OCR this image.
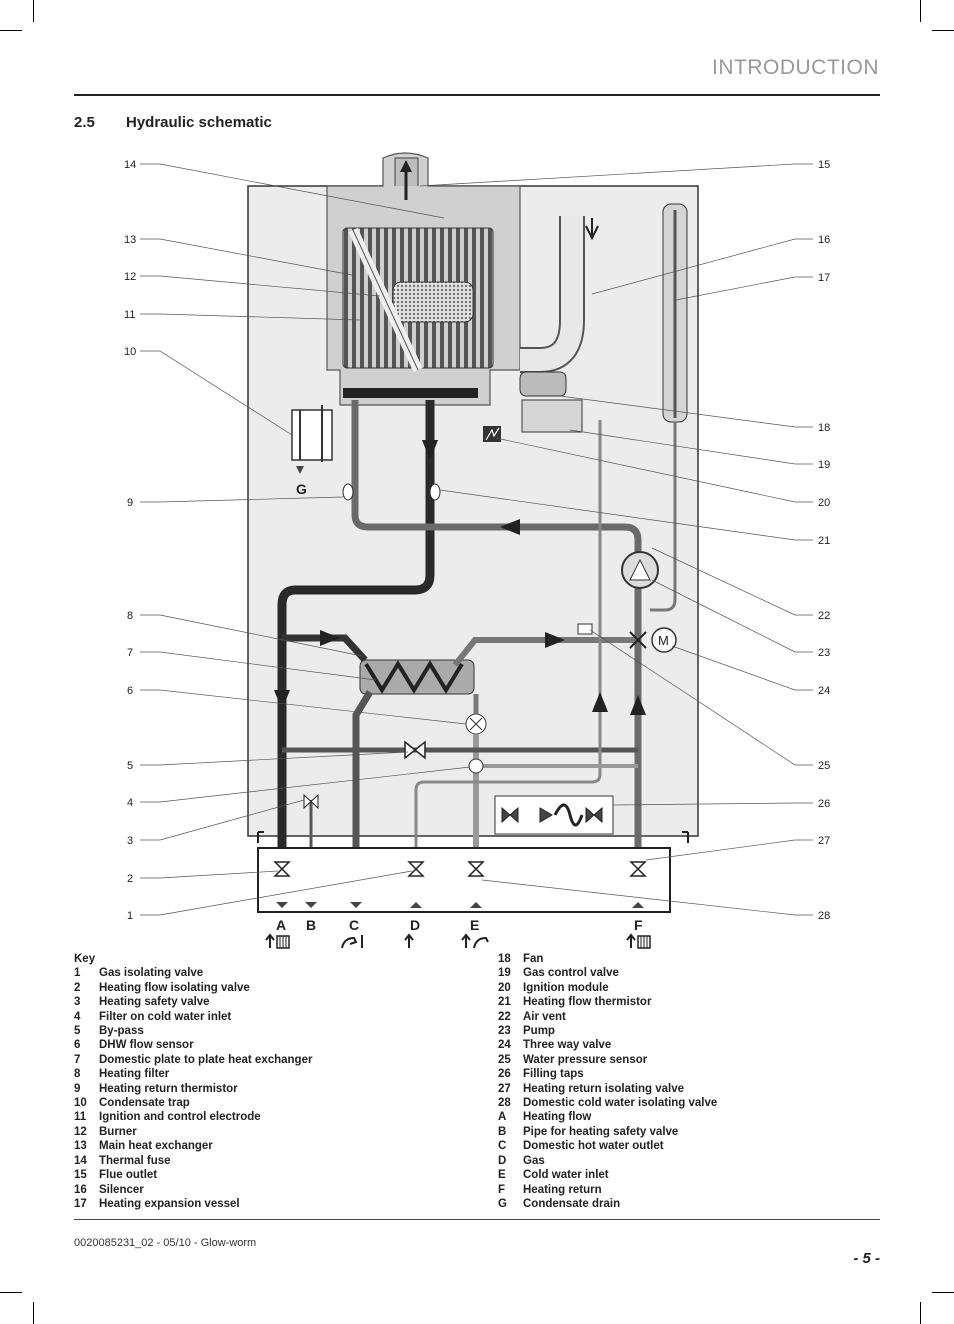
INTRODUCTION
2.5 Hydraulic schematic
M
G
14
13
12
11
10
9
8
7
6
5
4
3
2
1
15
16
17
18
19
20
21
22
23
24
25
26
27
28
A B C	D	E	F
Key
1 Gas isolating valve
2 Heating flow isolating valve
3 Heating safety valve
4 Filter on cold water inlet
5 By-pass
6 DHW flow sensor
7 Domestic plate to plate heat exchanger
8 Heating filter
9 Heating return thermistor
10 Condensate trap
11 Ignition and control electrode
12 Burner
13 Main heat exchanger
14 Thermal fuse
15 Flue outlet
16 Silencer
17 Heating expansion vessel
18 Fan
19 Gas control valve
20 Ignition module
21 Heating flow thermistor
22 Air vent
23 Pump
24 Three way valve
25 Water pressure sensor
26 Filling taps
27 Heating return isolating valve
28 Domestic cold water isolating valve
A Heating flow
B Pipe for heating safety valve
C Domestic hot water outlet
D Gas
E Cold water inlet
F Heating return
G Condensate drain
0020085231_02 - 05/10 - Glow-worm
- 5 -
